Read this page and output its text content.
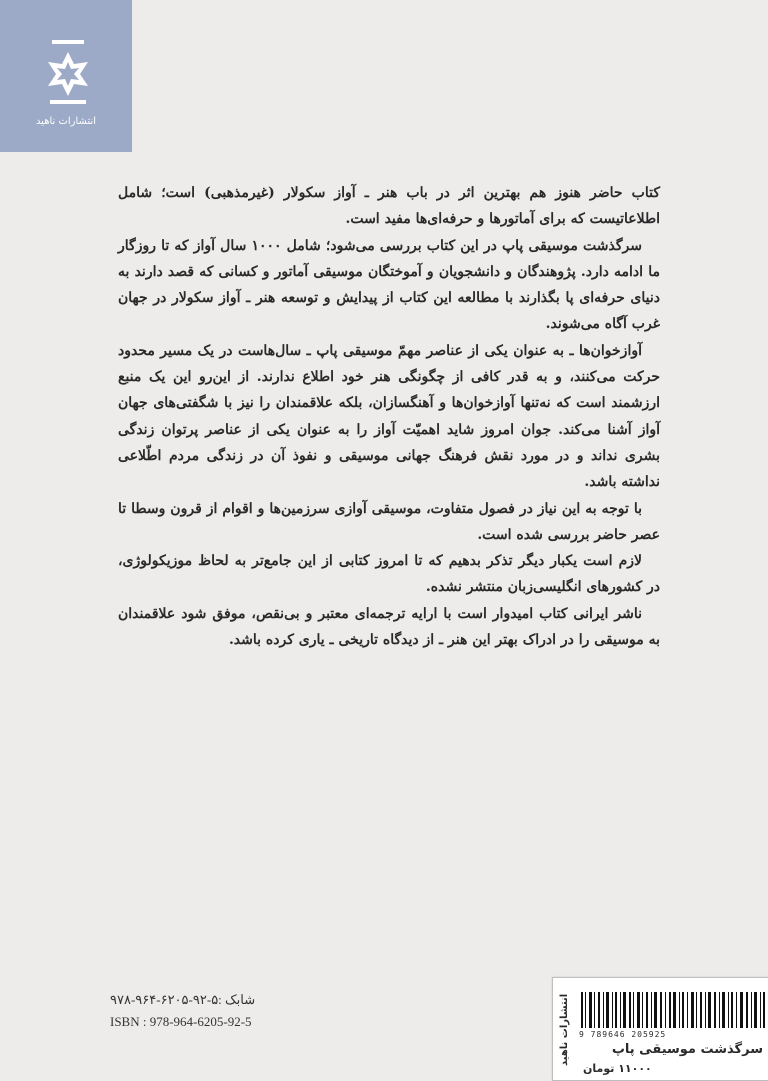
انتشارات ناهید

کتاب حاضر هنوز هم بهترین اثر در باب هنر ـ آواز سکولار (غیرمذهبی) است؛ شامل اطلاعاتیست که برای آماتورها و حرفه‌ای‌ها مفید است.

سرگذشت موسیقی پاپ در این کتاب بررسی می‌شود؛ شامل ۱۰۰۰ سال آواز که تا روزگار ما ادامه دارد. پژوهندگان و دانشجویان و آموختگان موسیقی آماتور و کسانی که قصد دارند به دنیای حرفه‌ای پا بگذارند با مطالعه این کتاب از پیدایش و توسعه هنر ـ آواز سکولار در جهان غرب آگاه می‌شوند.

آوازخوان‌ها ـ به عنوان یکی از عناصر مهمّ موسیقی پاپ ـ سال‌هاست در یک مسیر محدود حرکت می‌کنند، و به قدر کافی از چگونگی هنر خود اطلاع ندارند. از این‌رو این یک منبع ارزشمند است که نه‌تنها آوازخوان‌ها و آهنگسازان، بلکه علاقمندان را نیز با شگفتی‌های جهان آواز آشنا می‌کند. جوان امروز شاید اهمیّت آواز را به عنوان یکی از عناصر پرتوان زندگی بشری نداند و در مورد نقش فرهنگ جهانی موسیقی و نفوذ آن در زندگی مردم اطّلاعی نداشته باشد.

با توجه به این نیاز در فصول متفاوت، موسیقی آوازی سرزمین‌ها و اقوام از قرون وسطا تا عصر حاضر بررسی شده است.

لازم است یکبار دیگر تذکر بدهیم که تا امروز کتابی از این جامع‌تر به لحاظ موزیکولوژی، در کشورهای انگلیسی‌زبان منتشر نشده.

ناشر ایرانی کتاب امیدوار است با ارایه ترجمه‌ای معتبر و بی‌نقص، موفق شود علاقمندان به موسیقی را در ادراک بهتر این هنر ـ از دیدگاه تاریخی ـ یاری کرده باشد.

شابک :۵-۹۲-۶۲۰۵-۹۶۴-۹۷۸
ISBN : 978-964-6205-92-5	انتشارات ناهید	9 789646 205925
سرگذشت موسیقی پاپ
۱۱۰۰۰ تومان
